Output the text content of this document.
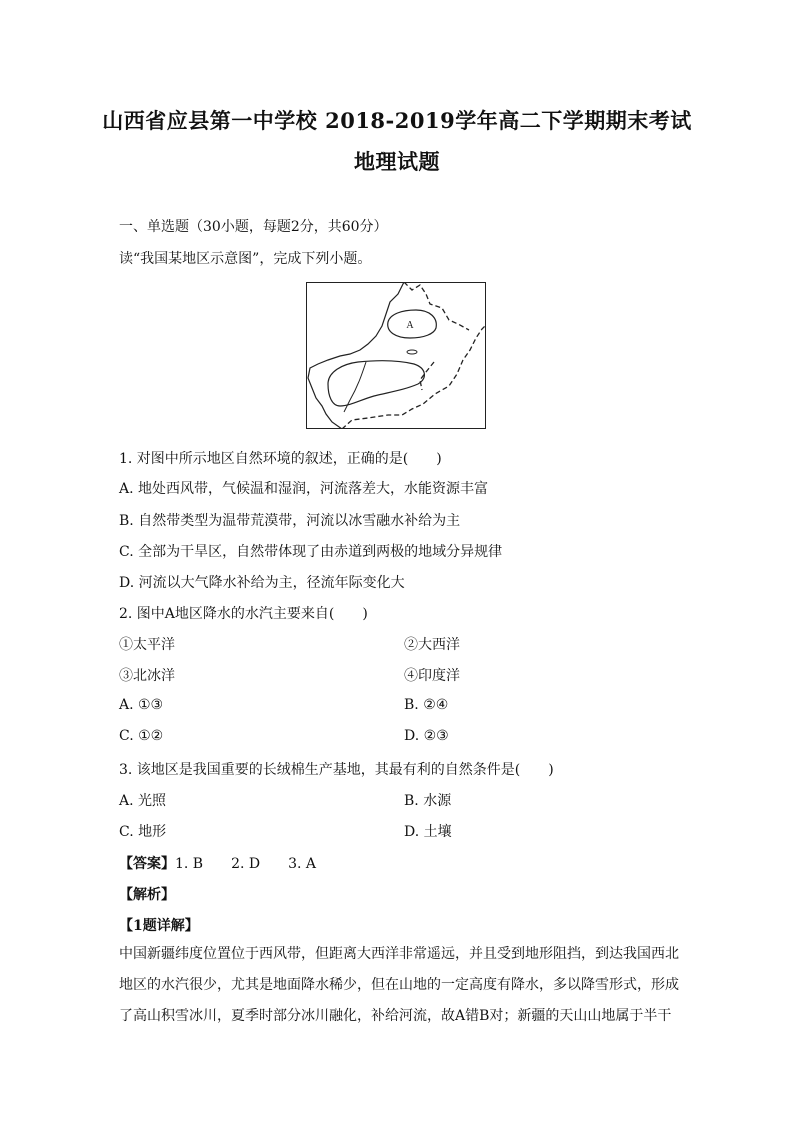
山西省应县第一中学校 2018-2019学年高二下学期期末考试
地理试题
一、单选题（30小题，每题2分，共60分）
读“我国某地区示意图”，完成下列小题。
A
1. 对图中所示地区自然环境的叙述，正确的是(　　)
A. 地处西风带，气候温和湿润，河流落差大，水能资源丰富
B. 自然带类型为温带荒漠带，河流以冰雪融水补给为主
C. 全部为干旱区，自然带体现了由赤道到两极的地域分异规律
D. 河流以大气降水补给为主，径流年际变化大
2. 图中A地区降水的水汽主要来自(　　)
①太平洋	②大西洋
③北冰洋	④印度洋
A. ①③	B. ②④
C. ①②	D. ②③
3. 该地区是我国重要的长绒棉生产基地，其最有利的自然条件是(　　)
A. 光照	B. 水源
C. 地形	D. 土壤
【答案】1. B　　2. D　　3. A
【解析】
【1题详解】
中国新疆纬度位置位于西风带，但距离大西洋非常遥远，并且受到地形阻挡，到达我国西北地区的水汽很少，尤其是地面降水稀少，但在山地的一定高度有降水，多以降雪形式，形成了高山积雪冰川，夏季时部分冰川融化，补给河流，故A错B对；新疆的天山山地属于半干
